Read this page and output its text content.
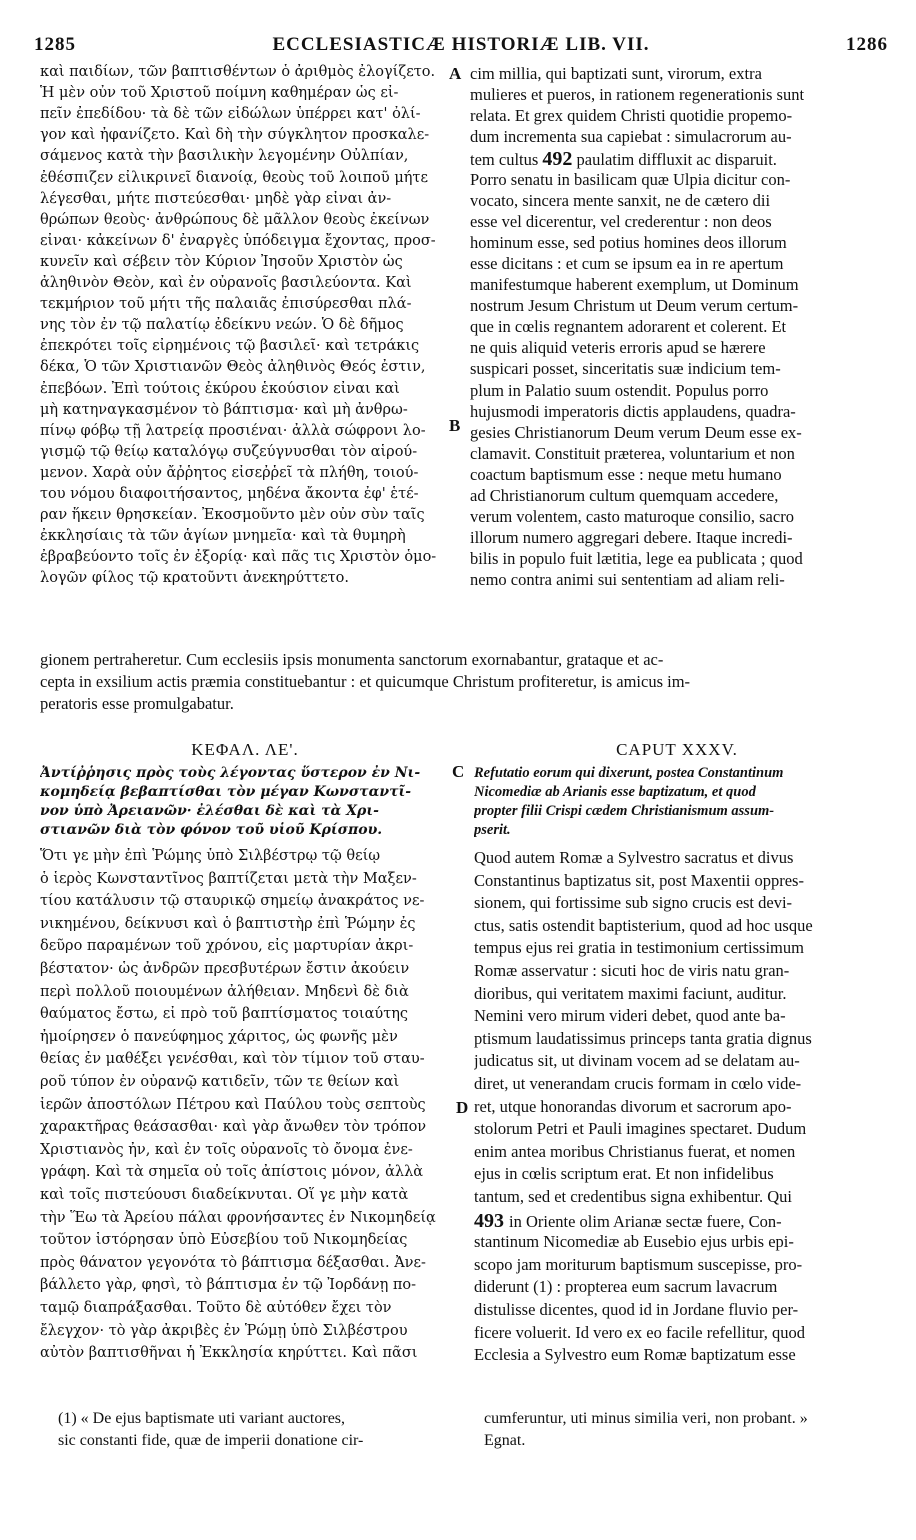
1285	ECCLESIASTICÆ HISTORIÆ LIB. VII.	1286
A
B
C
D
καὶ παιδίων, τῶν βαπτισθέντων ὁ ἀριθμὸς ἐλογίζετο.
Ἡ μὲν οὖν τοῦ Χριστοῦ ποίμνη καθημέραν ὡς εἰ-
πεῖν ἐπεδίδου· τὰ δὲ τῶν εἰδώλων ὑπέρρει κατ' ὀλί-
γον καὶ ἠφανίζετο. Καὶ δὴ τὴν σύγκλητον προσκαλε-
σάμενος κατὰ τὴν βασιλικὴν λεγομένην Οὐλπίαν,
ἐθέσπιζεν εἰλικρινεῖ διανοίᾳ, θεοὺς τοῦ λοιποῦ μήτε
λέγεσθαι, μήτε πιστεύεσθαι· μηδὲ γὰρ εἶναι ἀν-
θρώπων θεοὺς· ἀνθρώπους δὲ μᾶλλον θεοὺς ἐκείνων
εἶναι· κἀκείνων δ' ἐναργὲς ὑπόδειγμα ἔχοντας, προσ-
κυνεῖν καὶ σέβειν τὸν Κύριον Ἰησοῦν Χριστὸν ὡς
ἀληθινὸν Θεὸν, καὶ ἐν οὐρανοῖς βασιλεύοντα. Καὶ
τεκμήριον τοῦ μήτι τῆς παλαιᾶς ἐπισύρεσθαι πλά-
νης τὸν ἐν τῷ παλατίῳ ἐδείκνυ νεών. Ὁ δὲ δῆμος
ἐπεκρότει τοῖς εἰρημένοις τῷ βασιλεῖ· καὶ τετράκις
δέκα, Ὁ τῶν Χριστιανῶν Θεὸς ἀληθινὸς Θεός ἐστιν,
ἐπεβόων. Ἐπὶ τούτοις ἐκύρου ἑκούσιον εἶναι καὶ
μὴ κατηναγκασμένον τὸ βάπτισμα· καὶ μὴ ἀνθρω-
πίνῳ φόβῳ τῇ λατρείᾳ προσιέναι· ἀλλὰ σώφρονι λο-
γισμῷ τῷ θείῳ καταλόγῳ συζεύγνυσθαι τὸν αἱρού-
μενον. Χαρὰ οὖν ἄῤῥητος εἰσεῤῥεῖ τὰ πλήθη, τοιού-
του νόμου διαφοιτήσαντος, μηδένα ἄκοντα ἐφ' ἑτέ-
ραν ἥκειν θρησκείαν. Ἐκοσμοῦντο μὲν οὖν σὺν ταῖς
ἐκκλησίαις τὰ τῶν ἁγίων μνημεῖα· καὶ τὰ θυμηρὴ
ἐβραβεύοντο τοῖς ἐν ἐξορίᾳ· καὶ πᾶς τις Χριστὸν ὁμο-
λογῶν φίλος τῷ κρατοῦντι ἀνεκηρύττετο.
cim millia, qui baptizati sunt, virorum, extra
mulieres et pueros, in rationem regenerationis sunt
relata. Et grex quidem Christi quotidie propemo-
dum incrementa sua capiebat : simulacrorum au-
tem cultus 492 paulatim diffluxit ac disparuit.
Porro senatu in basilicam quæ Ulpia dicitur con-
vocato, sincera mente sanxit, ne de cætero dii
esse vel dicerentur, vel crederentur : non deos
hominum esse, sed potius homines deos illorum
esse dicitans : et cum se ipsum ea in re apertum
manifestumque haberent exemplum, ut Dominum
nostrum Jesum Christum ut Deum verum certum-
que in cœlis regnantem adorarent et colerent. Et
ne quis aliquid veteris erroris apud se hærere
suspicari posset, sinceritatis suæ indicium tem-
plum in Palatio suum ostendit. Populus porro
hujusmodi imperatoris dictis applaudens, quadra-
gesies Christianorum Deum verum Deum esse ex-
clamavit. Constituit præterea, voluntarium et non
coactum baptismum esse : neque metu humano
ad Christianorum cultum quemquam accedere,
verum volentem, casto maturoque consilio, sacro
illorum numero aggregari debere. Itaque incredi-
bilis in populo fuit lætitia, lege ea publicata ; quod
nemo contra animi sui sententiam ad aliam reli-
gionem pertraheretur. Cum ecclesiis ipsis monumenta sanctorum exornabantur, grataque et ac-
cepta in exsilium actis præmia constituebantur : et quicumque Christum profiteretur, is amicus im-
peratoris esse promulgabatur.
ΚΕΦΑΛ. ΛΕ'.	CAPUT XXXV.
Ἀντίῤῥησις πρὸς τοὺς λέγοντας ὕστερον ἐν Νι-
κομηδείᾳ βεβαπτίσθαι τὸν μέγαν Κωνσταντῖ-
νον ὑπὸ Ἀρειανῶν· ἐλέσθαι δὲ καὶ τὰ Χρι-
στιανῶν διὰ τὸν φόνον τοῦ υἱοῦ Κρίσπου.
Refutatio eorum qui dixerunt, postea Constantinum
Nicomediæ ab Arianis esse baptizatum, et quod
propter filii Crispi cædem Christianismum assum-
pserit.
Ὅτι γε μὴν ἐπὶ Ῥώμης ὑπὸ Σιλβέστρῳ τῷ θείῳ
ὁ ἱερὸς Κωνσταντῖνος βαπτίζεται μετὰ τὴν Μαξεν-
τίου κατάλυσιν τῷ σταυρικῷ σημείῳ ἀνακράτος νε-
νικημένου, δείκνυσι καὶ ὁ βαπτιστὴρ ἐπὶ Ῥώμην ἐς
δεῦρο παραμένων τοῦ χρόνου, εἰς μαρτυρίαν ἀκρι-
βέστατον· ὡς ἀνδρῶν πρεσβυτέρων ἔστιν ἀκούειν
περὶ πολλοῦ ποιουμένων ἀλήθειαν. Μηδενὶ δὲ διὰ
θαύματος ἔστω, εἰ πρὸ τοῦ βαπτίσματος τοιαύτης
ἠμοίρησεν ὁ πανεύφημος χάριτος, ὡς φωνῆς μὲν
θείας ἐν μαθέξει γενέσθαι, καὶ τὸν τίμιον τοῦ σταυ-
ροῦ τύπον ἐν οὐρανῷ κατιδεῖν, τῶν τε θείων καὶ
ἱερῶν ἀποστόλων Πέτρου καὶ Παύλου τοὺς σεπτοὺς
χαρακτῆρας θεάσασθαι· καὶ γὰρ ἄνωθεν τὸν τρόπον
Χριστιανὸς ἦν, καὶ ἐν τοῖς οὐρανοῖς τὸ ὄνομα ἐνε-
γράφη. Καὶ τὰ σημεῖα οὐ τοῖς ἀπίστοις μόνον, ἀλλὰ
καὶ τοῖς πιστεύουσι διαδείκνυται. Οἵ γε μὴν κατὰ
τὴν Ἕω τὰ Ἀρείου πάλαι φρονήσαντες ἐν Νικομηδείᾳ
τοῦτον ἱστόρησαν ὑπὸ Εὐσεβίου τοῦ Νικομηδείας
πρὸς θάνατον γεγονότα τὸ βάπτισμα δέξασθαι. Ἀνε-
βάλλετο γὰρ, φησὶ, τὸ βάπτισμα ἐν τῷ Ἰορδάνῃ πο-
ταμῷ διαπράξασθαι. Τοῦτο δὲ αὐτόθεν ἔχει τὸν
ἔλεγχον· τὸ γὰρ ἀκριβὲς ἐν Ῥώμῃ ὑπὸ Σιλβέστρου
αὐτὸν βαπτισθῆναι ἡ Ἐκκλησία κηρύττει. Καὶ πᾶσι
Quod autem Romæ a Sylvestro sacratus et divus
Constantinus baptizatus sit, post Maxentii oppres-
sionem, qui fortissime sub signo crucis est devi-
ctus, satis ostendit baptisterium, quod ad hoc usque
tempus ejus rei gratia in testimonium certissimum
Romæ asservatur : sicuti hoc de viris natu gran-
dioribus, qui veritatem maximi faciunt, auditur.
Nemini vero mirum videri debet, quod ante ba-
ptismum laudatissimus princeps tanta gratia dignus
judicatus sit, ut divinam vocem ad se delatam au-
diret, ut venerandam crucis formam in cœlo vide-
ret, utque honorandas divorum et sacrorum apo-
stolorum Petri et Pauli imagines spectaret. Dudum
enim antea moribus Christianus fuerat, et nomen
ejus in cœlis scriptum erat. Et non infidelibus
tantum, sed et credentibus signa exhibentur. Qui
493 in Oriente olim Arianæ sectæ fuere, Con-
stantinum Nicomediæ ab Eusebio ejus urbis epi-
scopo jam moriturum baptismum suscepisse, pro-
diderunt (1) : propterea eum sacrum lavacrum
distulisse dicentes, quod id in Jordane fluvio per-
ficere voluerit. Id vero ex eo facile refellitur, quod
Ecclesia a Sylvestro eum Romæ baptizatum esse
(1) « De ejus baptismate uti variant auctores,
sic constanti fide, quæ de imperii donatione cir-
cumferuntur, uti minus similia veri, non probant. »
Egnat.
